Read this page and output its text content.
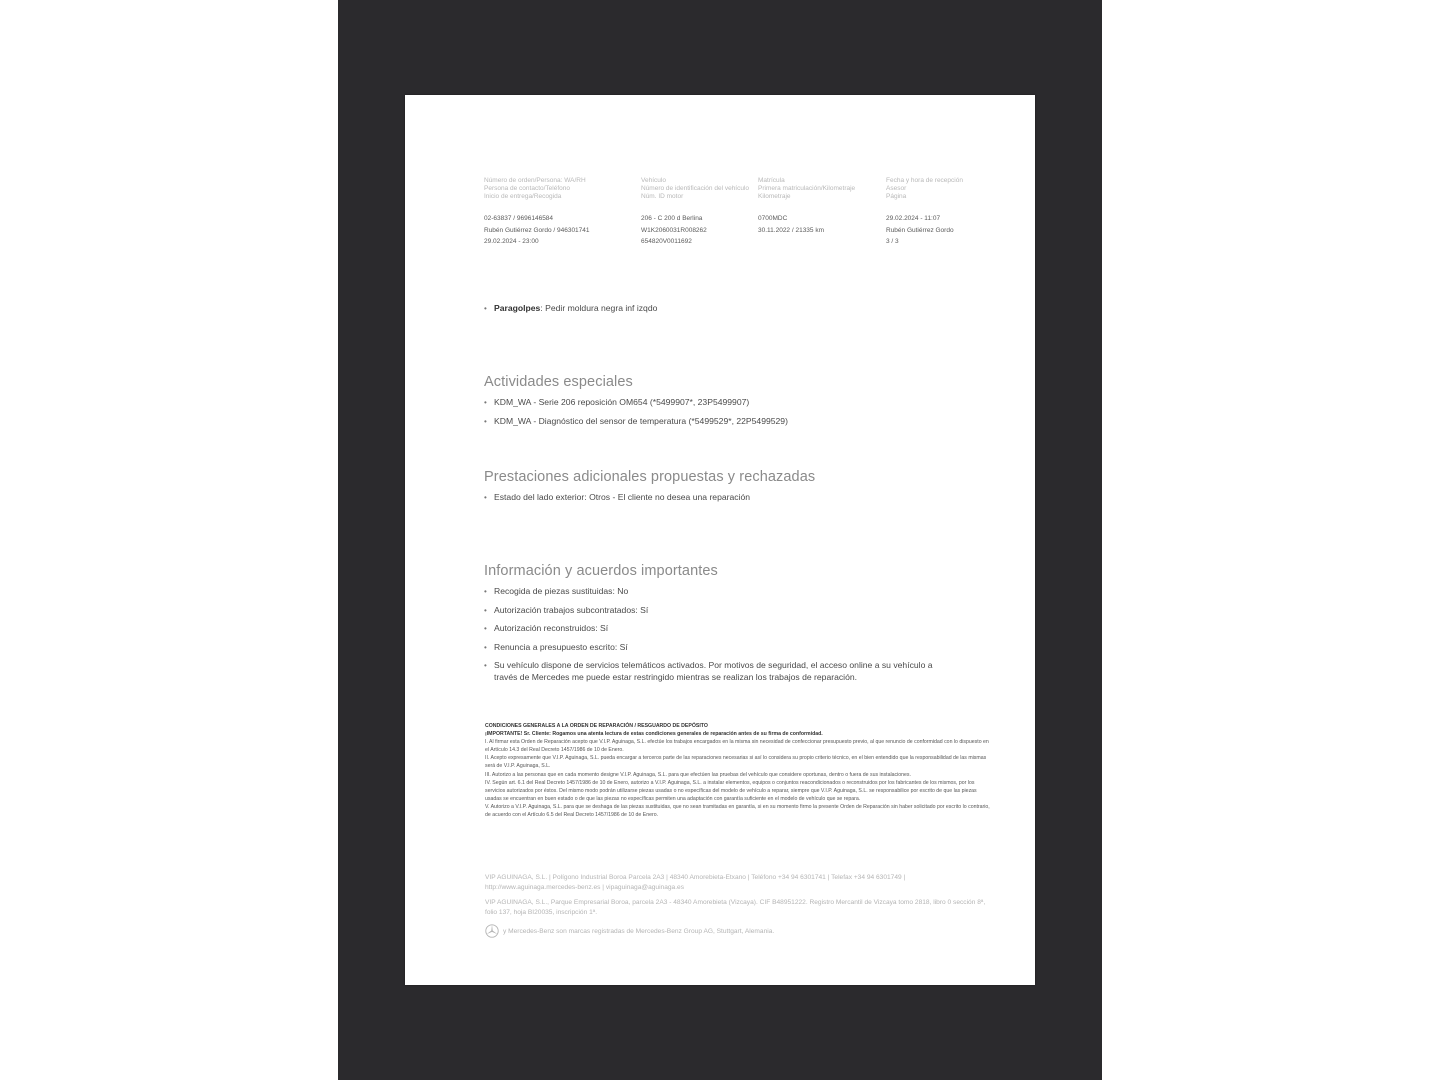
Número de orden/Persona: WA/RH
Persona de contacto/Teléfono
Inicio de entrega/Recogida
02-63837 / 9696146584
Rubén Gutiérrez Gordo / 946301741
29.02.2024 - 23:00
Vehículo
Número de identificación del vehículo
Núm. ID motor
206 - C 200 d Berlina
W1K2060031R008262
654820V0011692
Matrícula
Primera matriculación/Kilometraje
Kilometraje
0700MDC
30.11.2022 / 21335 km
Fecha y hora de recepción
Asesor
Página
29.02.2024 - 11:07
Rubén Gutiérrez Gordo
3 / 3
• Paragolpes: Pedir moldura negra inf izqdo
Actividades especiales
• KDM_WA - Serie 206 reposición OM654 (*5499907*, 23P5499907)
• KDM_WA - Diagnóstico del sensor de temperatura (*5499529*, 22P5499529)
Prestaciones adicionales propuestas y rechazadas
• Estado del lado exterior: Otros - El cliente no desea una reparación
Información y acuerdos importantes
• Recogida de piezas sustituidas: No
• Autorización trabajos subcontratados: Sí
• Autorización reconstruidos: Sí
• Renuncia a presupuesto escrito: Sí
• Su vehículo dispone de servicios telemáticos activados. Por motivos de seguridad, el acceso online a su vehículo a través de Mercedes me puede estar restringido mientras se realizan los trabajos de reparación.

CONDICIONES GENERALES A LA ORDEN DE REPARACIÓN / RESGUARDO DE DEPÓSITO

¡IMPORTANTE! Sr. Cliente: Rogamos una atenta lectura de estas condiciones generales de reparación antes de su firma de conformidad.

I. Al firmar esta Orden de Reparación acepto que V.I.P. Aguinaga, S.L. efectúe los trabajos encargados en la misma sin necesidad de confeccionar presupuesto previo, al que renuncio de conformidad con lo dispuesto en el Artículo 14.3 del Real Decreto 1457/1986 de 10 de Enero.

II. Acepto expresamente que V.I.P. Aguinaga, S.L. pueda encargar a terceros parte de las reparaciones necesarias si así lo considera su propio criterio técnico, en el bien entendido que la responsabilidad de las mismas será de V.I.P. Aguinaga, S.L.

III. Autorizo a las personas que en cada momento designe V.I.P. Aguinaga, S.L. para que efectúen las pruebas del vehículo que considere oportunas, dentro o fuera de sus instalaciones.

IV. Según art. 6.1 del Real Decreto 1457/1986 de 10 de Enero, autorizo a V.I.P. Aguinaga, S.L. a instalar elementos, equipos o conjuntos reacondicionados o reconstruidos por los fabricantes de los mismos, por los servicios autorizados por éstos. Del mismo modo podrán utilizarse piezas usadas o no específicas del modelo de vehículo a reparar, siempre que V.I.P. Aguinaga, S.L. se responsabilice por escrito de que las piezas usadas se encuentran en buen estado o de que las piezas no específicas permiten una adaptación con garantía suficiente en el modelo de vehículo que se repara.

V. Autorizo a V.I.P. Aguinaga, S.L. para que se deshaga de las piezas sustituidas, que no sean tramitadas en garantía, si en su momento firmo la presente Orden de Reparación sin haber solicitado por escrito lo contrario, de acuerdo con el Artículo 6.5 del Real Decreto 1457/1986 de 10 de Enero.

VIP AGUINAGA, S.L. | Polígono Industrial Boroa Parcela 2A3 | 48340 Amorebieta-Etxano | Teléfono +34 94 6301741 | Telefax +34 94 6301749 | http://www.aguinaga.mercedes-benz.es | vipaguinaga@aguinaga.es
VIP AGUINAGA, S.L., Parque Empresarial Boroa, parcela 2A3 - 48340 Amorebieta (Vizcaya). CIF B48951222. Registro Mercantil de Vizcaya tomo 2818, libro 0 sección 8ª, folio 137, hoja BI20035, inscripción 1ª.
y Mercedes-Benz son marcas registradas de Mercedes-Benz Group AG, Stuttgart, Alemania.
